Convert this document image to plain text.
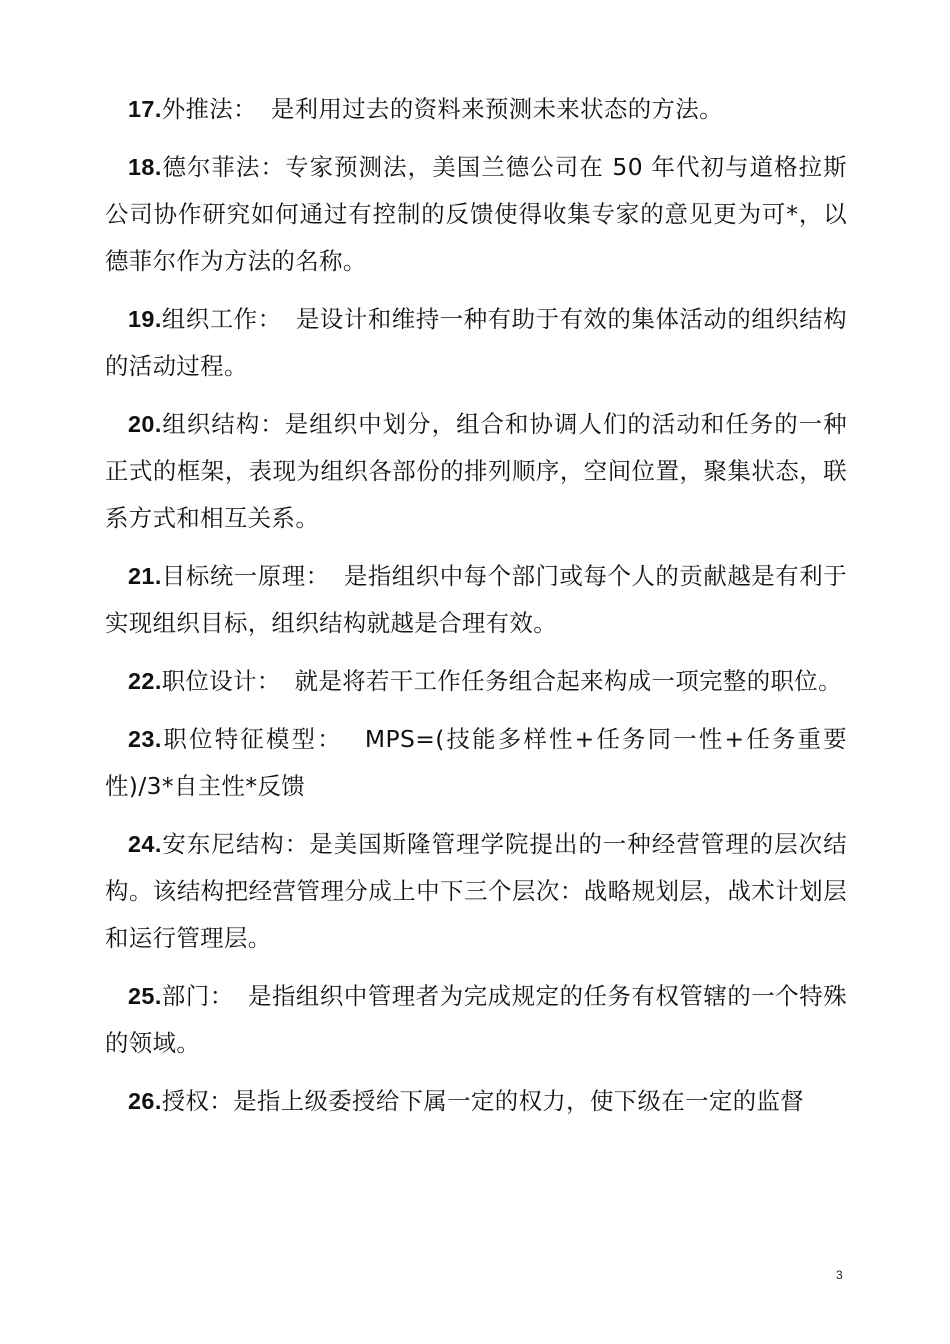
17.外推法： 是利用过去的资料来预测未来状态的方法。

18.德尔菲法：专家预测法，美国兰德公司在 50 年代初与道格拉斯公司协作研究如何通过有控制的反馈使得收集专家的意见更为可*，以德菲尔作为方法的名称。

19.组织工作： 是设计和维持一种有助于有效的集体活动的组织结构的活动过程。

20.组织结构：是组织中划分，组合和协调人们的活动和任务的一种正式的框架，表现为组织各部份的排列顺序，空间位置，聚集状态，联系方式和相互关系。

21.目标统一原理： 是指组织中每个部门或每个人的贡献越是有利于实现组织目标，组织结构就越是合理有效。

22.职位设计： 就是将若干工作任务组合起来构成一项完整的职位。

23.职位特征模型： MPS=(技能多样性+任务同一性+任务重要性)/3*自主性*反馈

24.安东尼结构：是美国斯隆管理学院提出的一种经营管理的层次结构。该结构把经营管理分成上中下三个层次：战略规划层，战术计划层和运行管理层。

25.部门： 是指组织中管理者为完成规定的任务有权管辖的一个特殊的领域。

26.授权：是指上级委授给下属一定的权力，使下级在一定的监督

3
